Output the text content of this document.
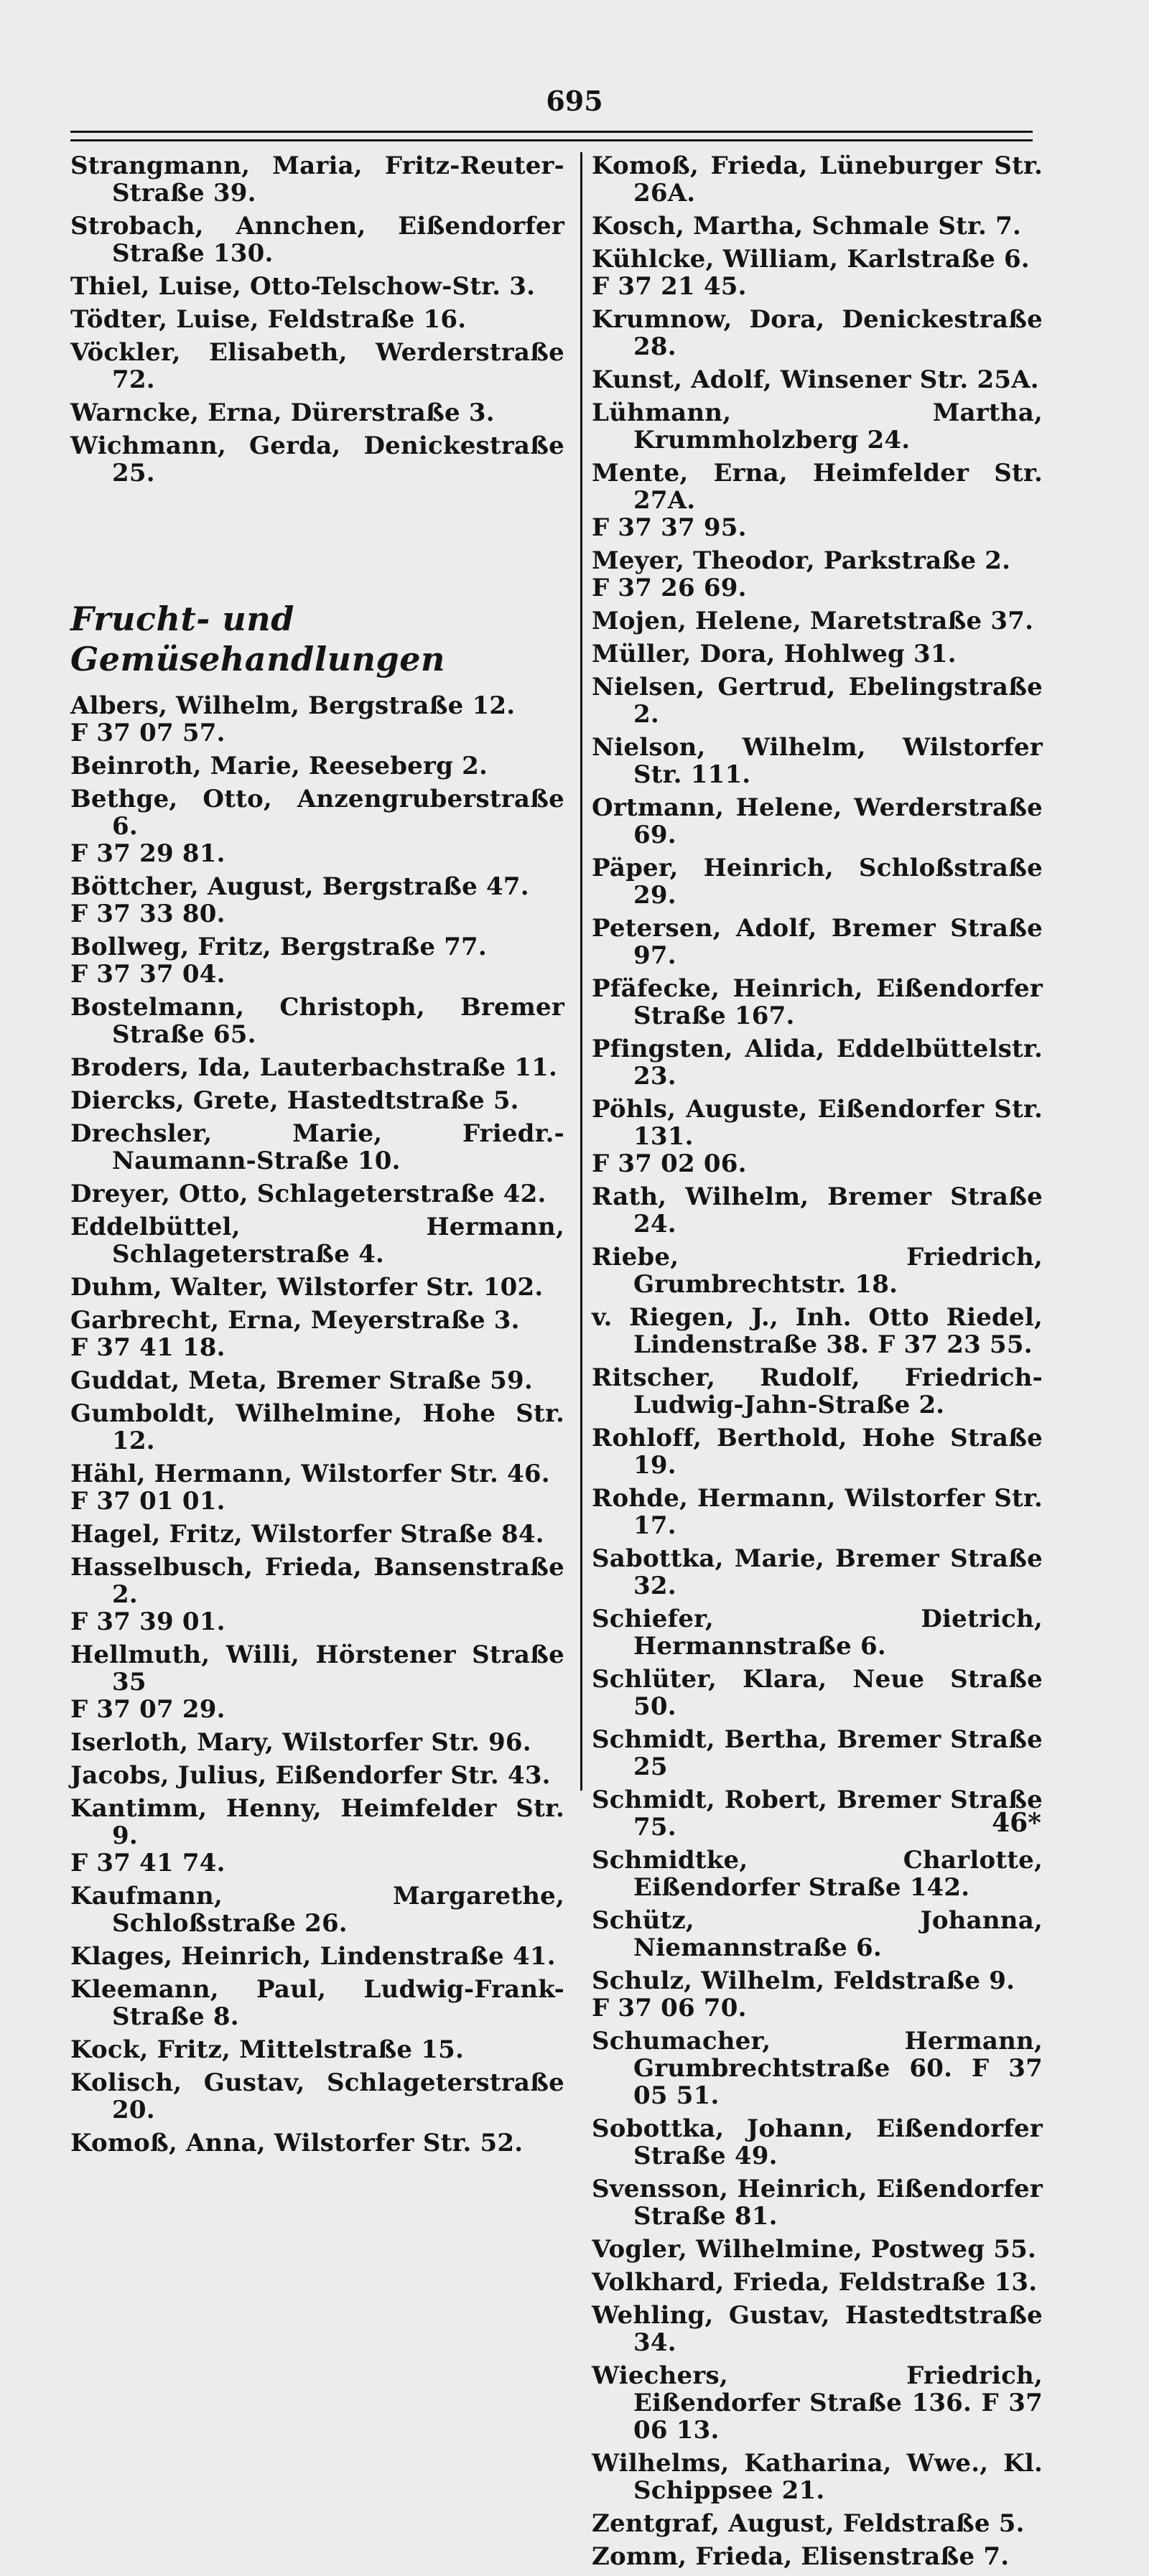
695
Strangmann, Maria, Fritz-Reuter-Straße 39.
Strobach, Annchen, Eißendorfer Straße 130.
Thiel, Luise, Otto-Telschow-Str. 3.
Tödter, Luise, Feldstraße 16.
Vöckler, Elisabeth, Werderstraße 72.
Warncke, Erna, Dürerstraße 3.
Wichmann, Gerda, Denickestraße 25.
Frucht- und Gemüsehandlungen
Albers, Wilhelm, Bergstraße 12.
F 37 07 57.
Beinroth, Marie, Reeseberg 2.
Bethge, Otto, Anzengruberstraße 6.
F 37 29 81.
Böttcher, August, Bergstraße 47.
F 37 33 80.
Bollweg, Fritz, Bergstraße 77.
F 37 37 04.
Bostelmann, Christoph, Bremer Straße 65.
Broders, Ida, Lauterbachstraße 11.
Diercks, Grete, Hastedtstraße 5.
Drechsler, Marie, Friedr.-Naumann-Straße 10.
Dreyer, Otto, Schlageterstraße 42.
Eddelbüttel, Hermann, Schlageterstraße 4.
Duhm, Walter, Wilstorfer Str. 102.
Garbrecht, Erna, Meyerstraße 3.
F 37 41 18.
Guddat, Meta, Bremer Straße 59.
Gumboldt, Wilhelmine, Hohe Str. 12.
Hähl, Hermann, Wilstorfer Str. 46.
F 37 01 01.
Hagel, Fritz, Wilstorfer Straße 84.
Hasselbusch, Frieda, Bansenstraße 2.
F 37 39 01.
Hellmuth, Willi, Hörstener Straße 35
F 37 07 29.
Iserloth, Mary, Wilstorfer Str. 96.
Jacobs, Julius, Eißendorfer Str. 43.
Kantimm, Henny, Heimfelder Str. 9.
F 37 41 74.
Kaufmann, Margarethe, Schloßstraße 26.
Klages, Heinrich, Lindenstraße 41.
Kleemann, Paul, Ludwig-Frank-Straße 8.
Kock, Fritz, Mittelstraße 15.
Kolisch, Gustav, Schlageterstraße 20.
Komoß, Anna, Wilstorfer Str. 52.
Komoß, Frieda, Lüneburger Str. 26A.
Kosch, Martha, Schmale Str. 7.
Kühlcke, William, Karlstraße 6.
F 37 21 45.
Krumnow, Dora, Denickestraße 28.
Kunst, Adolf, Winsener Str. 25A.
Lühmann, Martha, Krummholzberg 24.
Mente, Erna, Heimfelder Str. 27A.
F 37 37 95.
Meyer, Theodor, Parkstraße 2.
F 37 26 69.
Mojen, Helene, Maretstraße 37.
Müller, Dora, Hohlweg 31.
Nielsen, Gertrud, Ebelingstraße 2.
Nielson, Wilhelm, Wilstorfer Str. 111.
Ortmann, Helene, Werderstraße 69.
Päper, Heinrich, Schloßstraße 29.
Petersen, Adolf, Bremer Straße 97.
Pfäfecke, Heinrich, Eißendorfer Straße 167.
Pfingsten, Alida, Eddelbüttelstr. 23.
Pöhls, Auguste, Eißendorfer Str. 131.
F 37 02 06.
Rath, Wilhelm, Bremer Straße 24.
Riebe, Friedrich, Grumbrechtstr. 18.
v. Riegen, J., Inh. Otto Riedel, Lindenstraße 38. F 37 23 55.
Ritscher, Rudolf, Friedrich-Ludwig-Jahn-Straße 2.
Rohloff, Berthold, Hohe Straße 19.
Rohde, Hermann, Wilstorfer Str. 17.
Sabottka, Marie, Bremer Straße 32.
Schiefer, Dietrich, Hermannstraße 6.
Schlüter, Klara, Neue Straße 50.
Schmidt, Bertha, Bremer Straße 25
Schmidt, Robert, Bremer Straße 75.
Schmidtke, Charlotte, Eißendorfer Straße 142.
Schütz, Johanna, Niemannstraße 6.
Schulz, Wilhelm, Feldstraße 9.
F 37 06 70.
Schumacher, Hermann, Grumbrechtstraße 60. F 37 05 51.
Sobottka, Johann, Eißendorfer Straße 49.
Svensson, Heinrich, Eißendorfer Straße 81.
Vogler, Wilhelmine, Postweg 55.
Volkhard, Frieda, Feldstraße 13.
Wehling, Gustav, Hastedtstraße 34.
Wiechers, Friedrich, Eißendorfer Straße 136. F 37 06 13.
Wilhelms, Katharina, Wwe., Kl. Schippsee 21.
Zentgraf, August, Feldstraße 5.
Zomm, Frieda, Elisenstraße 7.
46*
